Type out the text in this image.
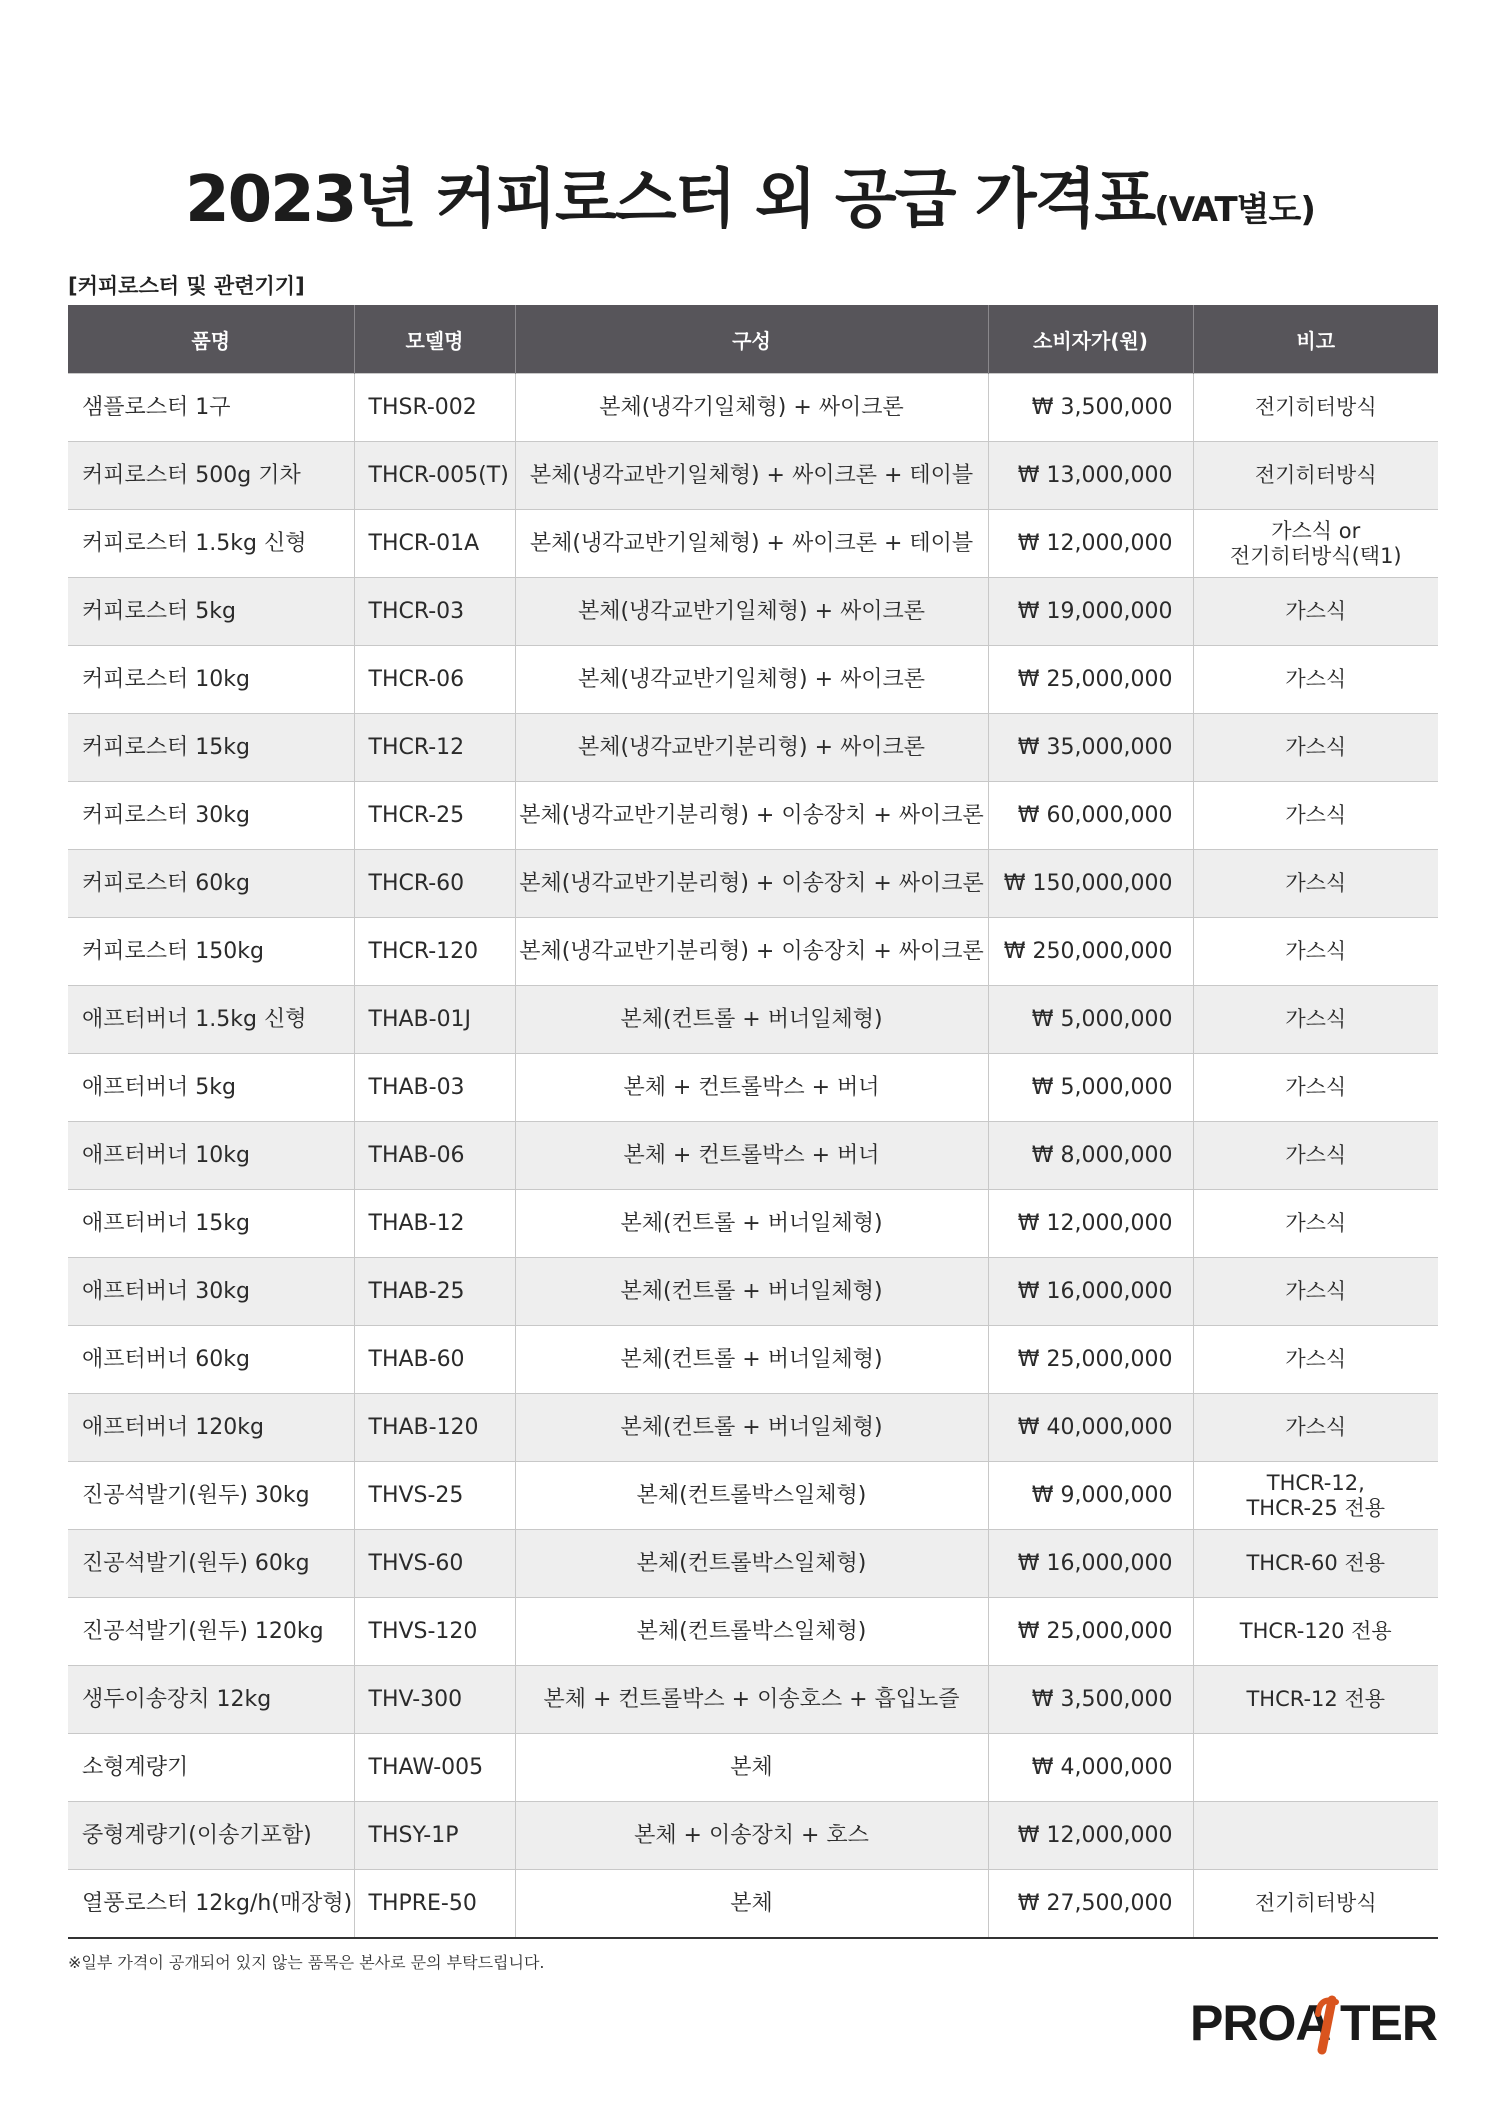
2023년 커피로스터 외 공급 가격표(VAT별도)
[커피로스터 및 관련기기]
품명	모델명	구성	소비자가(원)	비고
샘플로스터 1구	THSR-002	본체(냉각기일체형) + 싸이크론	₩ 3,500,000	전기히터방식
커피로스터 500g 기차	THCR-005(T)	본체(냉각교반기일체형) + 싸이크론 + 테이블	₩ 13,000,000	전기히터방식
커피로스터 1.5kg 신형	THCR-01A	본체(냉각교반기일체형) + 싸이크론 + 테이블	₩ 12,000,000	가스식 or
전기히터방식(택1)
커피로스터 5kg	THCR-03	본체(냉각교반기일체형) + 싸이크론	₩ 19,000,000	가스식
커피로스터 10kg	THCR-06	본체(냉각교반기일체형) + 싸이크론	₩ 25,000,000	가스식
커피로스터 15kg	THCR-12	본체(냉각교반기분리형) + 싸이크론	₩ 35,000,000	가스식
커피로스터 30kg	THCR-25	본체(냉각교반기분리형) + 이송장치 + 싸이크론	₩ 60,000,000	가스식
커피로스터 60kg	THCR-60	본체(냉각교반기분리형) + 이송장치 + 싸이크론	₩ 150,000,000	가스식
커피로스터 150kg	THCR-120	본체(냉각교반기분리형) + 이송장치 + 싸이크론	₩ 250,000,000	가스식
애프터버너 1.5kg 신형	THAB-01J	본체(컨트롤 + 버너일체형)	₩ 5,000,000	가스식
애프터버너 5kg	THAB-03	본체 + 컨트롤박스 + 버너	₩ 5,000,000	가스식
애프터버너 10kg	THAB-06	본체 + 컨트롤박스 + 버너	₩ 8,000,000	가스식
애프터버너 15kg	THAB-12	본체(컨트롤 + 버너일체형)	₩ 12,000,000	가스식
애프터버너 30kg	THAB-25	본체(컨트롤 + 버너일체형)	₩ 16,000,000	가스식
애프터버너 60kg	THAB-60	본체(컨트롤 + 버너일체형)	₩ 25,000,000	가스식
애프터버너 120kg	THAB-120	본체(컨트롤 + 버너일체형)	₩ 40,000,000	가스식
진공석발기(원두) 30kg	THVS-25	본체(컨트롤박스일체형)	₩ 9,000,000	THCR-12,
THCR-25 전용
진공석발기(원두) 60kg	THVS-60	본체(컨트롤박스일체형)	₩ 16,000,000	THCR-60 전용
진공석발기(원두) 120kg	THVS-120	본체(컨트롤박스일체형)	₩ 25,000,000	THCR-120 전용
생두이송장치 12kg	THV-300	본체 + 컨트롤박스 + 이송호스 + 흡입노즐	₩ 3,500,000	THCR-12 전용
소형계량기	THAW-005	본체	₩ 4,000,000	
중형계량기(이송기포함)	THSY-1P	본체 + 이송장치 + 호스	₩ 12,000,000	
열풍로스터 12kg/h(매장형)	THPRE-50	본체	₩ 27,500,000	전기히터방식
※일부 가격이 공개되어 있지 않는 품목은 본사로 문의 부탁드립니다.
PROA TER
